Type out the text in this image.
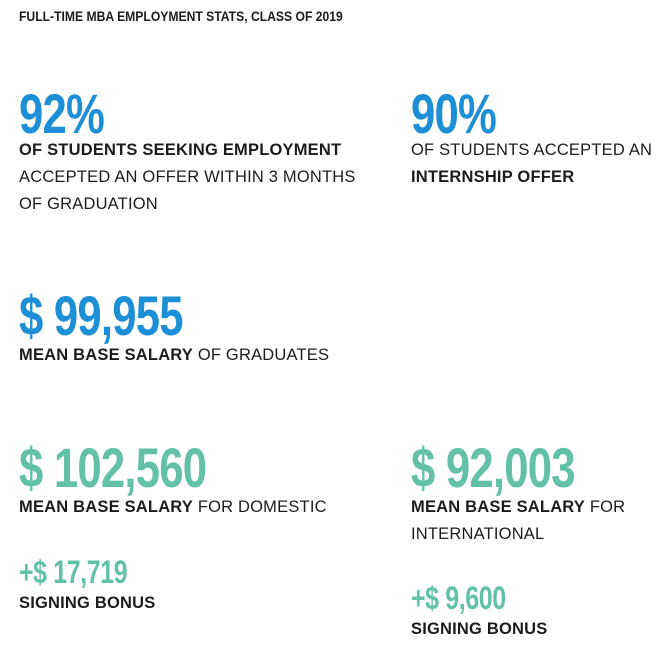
FULL-TIME MBA EMPLOYMENT STATS, CLASS OF 2019
92%
OF STUDENTS SEEKING EMPLOYMENT
ACCEPTED AN OFFER WITHIN 3 MONTHS
OF GRADUATION
90%
OF STUDENTS ACCEPTED AN
INTERNSHIP OFFER
$ 99,955
MEAN BASE SALARY OF GRADUATES
$ 102,560
MEAN BASE SALARY FOR DOMESTIC
+$ 17,719
SIGNING BONUS
$ 92,003
MEAN BASE SALARY FOR
INTERNATIONAL
+$ 9,600
SIGNING BONUS
